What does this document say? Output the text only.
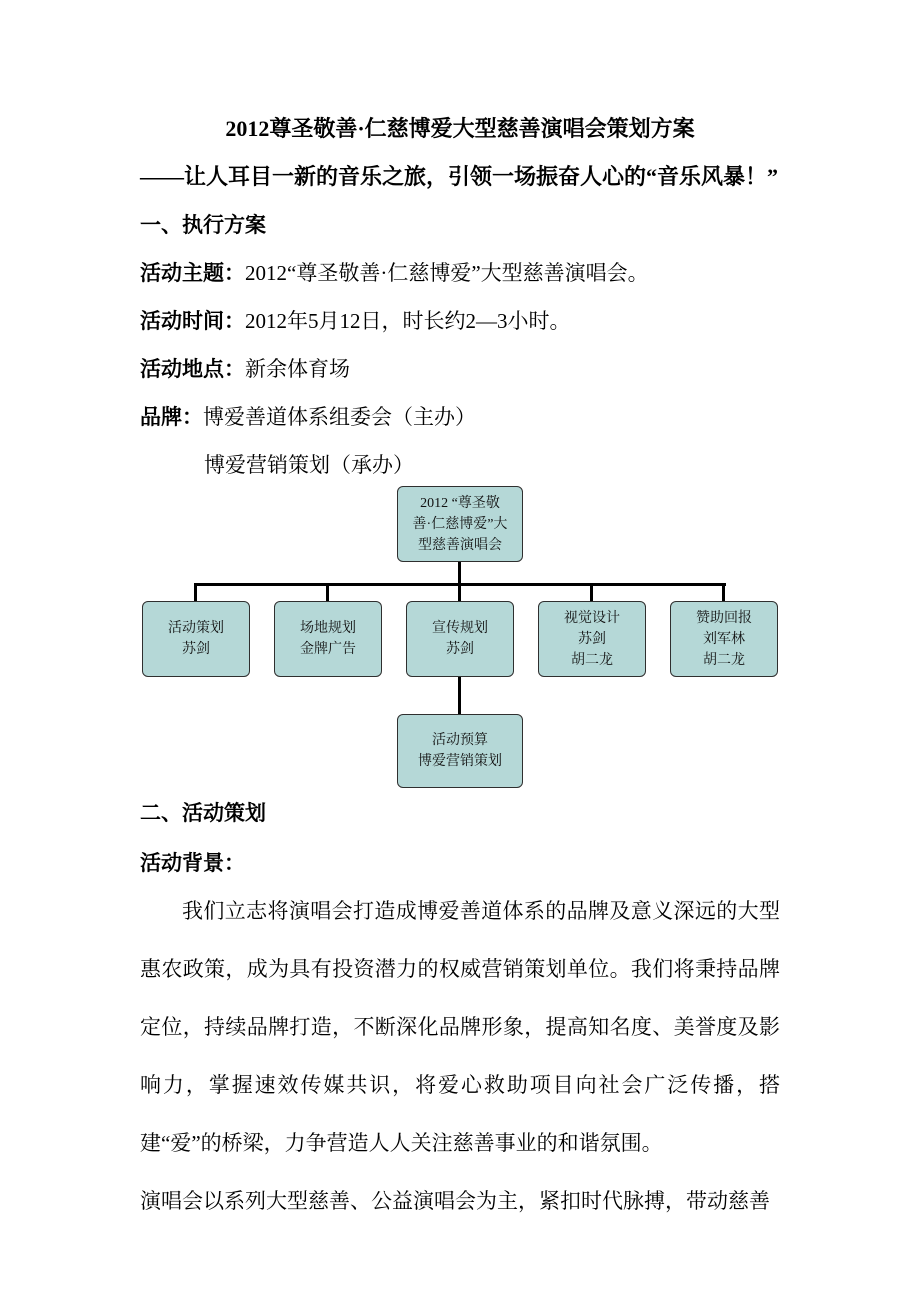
2012尊圣敬善·仁慈博爱大型慈善演唱会策划方案

——让人耳目一新的音乐之旅，引领一场振奋人心的“音乐风暴！”

一、执行方案

活动主题：2012“尊圣敬善·仁慈博爱”大型慈善演唱会。

活动时间：2012年5月12日，时长约2—3小时。

活动地点：新余体育场

品牌：博爱善道体系组委会（主办）

博爱营销策划（承办）

2012 “尊圣敬
善·仁慈博爱”大
型慈善演唱会
活动策划
苏剑
场地规划
金牌广告
宣传规划
苏剑
视觉设计
苏剑
胡二龙
赞助回报
刘军林
胡二龙
活动预算
博爱营销策划
二、活动策划

活动背景：

我们立志将演唱会打造成博爱善道体系的品牌及意义深远的大型惠农政策，成为具有投资潜力的权威营销策划单位。我们将秉持品牌定位，持续品牌打造，不断深化品牌形象，提高知名度、美誉度及影响力，掌握速效传媒共识，将爱心救助项目向社会广泛传播，搭建“爱”的桥梁，力争营造人人关注慈善事业的和谐氛围。

演唱会以系列大型慈善、公益演唱会为主，紧扣时代脉搏，带动慈善
